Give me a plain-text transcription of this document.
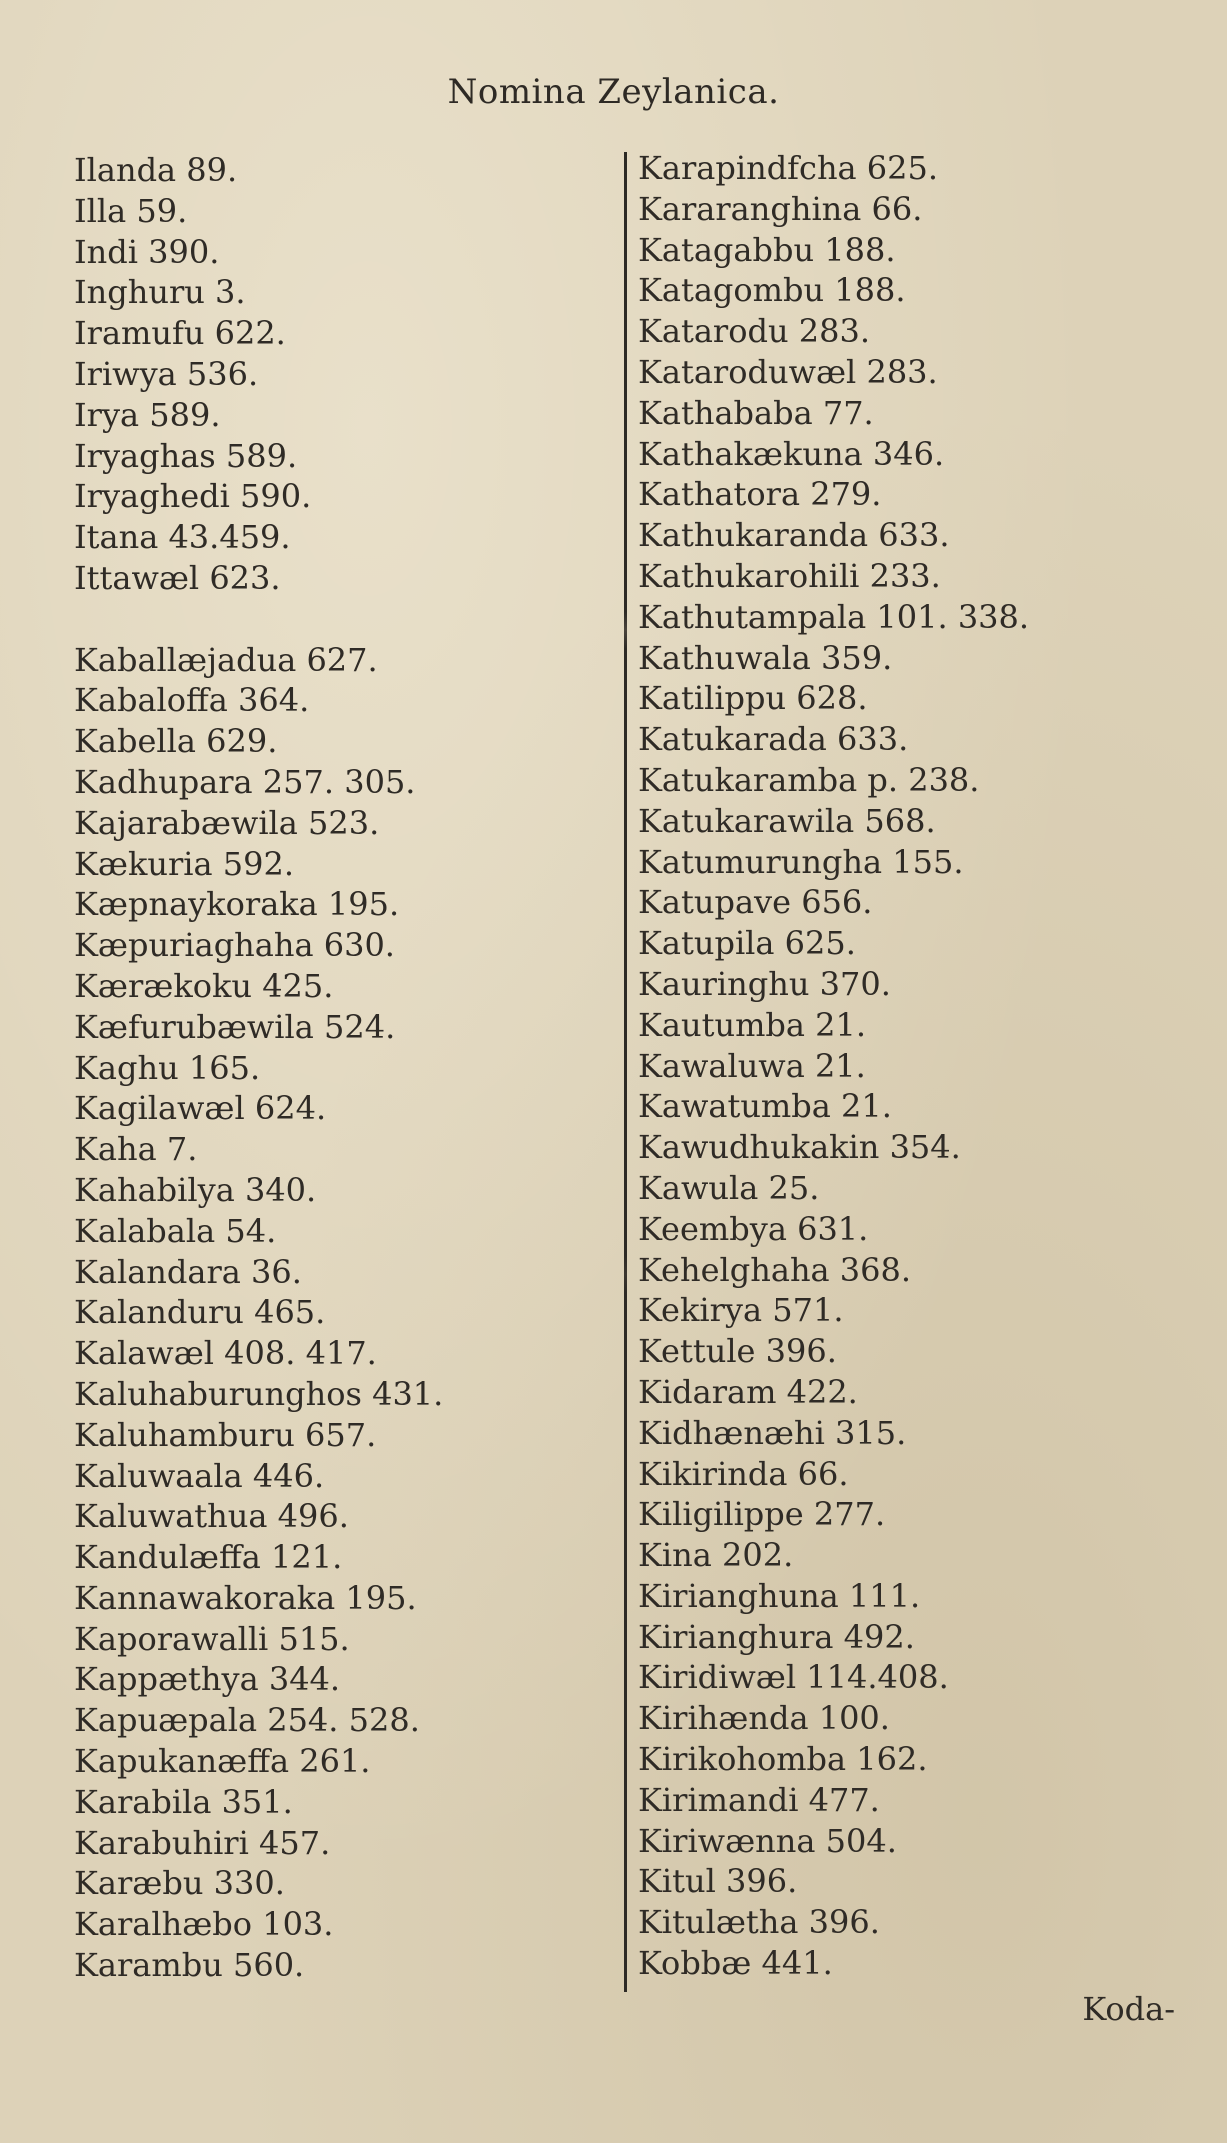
Nomina Zeylanica.
Ilanda 89.
Illa 59.
Indi 390.
Inghuru 3.
Iramufu 622.
Iriwya 536.
Irya 589.
Iryaghas 589.
Iryaghedi 590.
Itana 43.459.
Ittawæl 623.
Kaballæjadua 627.
Kabaloffa 364.
Kabella 629.
Kadhupara 257. 305.
Kajarabæwila 523.
Kækuria 592.
Kæpnaykoraka 195.
Kæpuriaghaha 630.
Kærækoku 425.
Kæfurubæwila 524.
Kaghu 165.
Kagilawæl 624.
Kaha 7.
Kahabilya 340.
Kalabala 54.
Kalandara 36.
Kalanduru 465.
Kalawæl 408. 417.
Kaluhaburunghos 431.
Kaluhamburu 657.
Kaluwaala 446.
Kaluwathua 496.
Kandulæffa 121.
Kannawakoraka 195.
Kaporawalli 515.
Kappæthya 344.
Kapuæpala 254. 528.
Kapukanæffa 261.
Karabila 351.
Karabuhiri 457.
Karæbu 330.
Karalhæbo 103.
Karambu 560.
Karapindfcha 625.
Kararanghina 66.
Katagabbu 188.
Katagombu 188.
Katarodu 283.
Kataroduwæl 283.
Kathababa 77.
Kathakækuna 346.
Kathatora 279.
Kathukaranda 633.
Kathukarohili 233.
Kathutampala 101. 338.
Kathuwala 359.
Katilippu 628.
Katukarada 633.
Katukaramba p. 238.
Katukarawila 568.
Katumurungha 155.
Katupave 656.
Katupila 625.
Kauringhu 370.
Kautumba 21.
Kawaluwa 21.
Kawatumba 21.
Kawudhukakin 354.
Kawula 25.
Keembya 631.
Kehelghaha 368.
Kekirya 571.
Kettule 396.
Kidaram 422.
Kidhænæhi 315.
Kikirinda 66.
Kiligilippe 277.
Kina 202.
Kirianghuna 111.
Kirianghura 492.
Kiridiwæl 114.408.
Kirihænda 100.
Kirikohomba 162.
Kirimandi 477.
Kiriwænna 504.
Kitul 396.
Kitulætha 396.
Kobbæ 441.
Koda-
